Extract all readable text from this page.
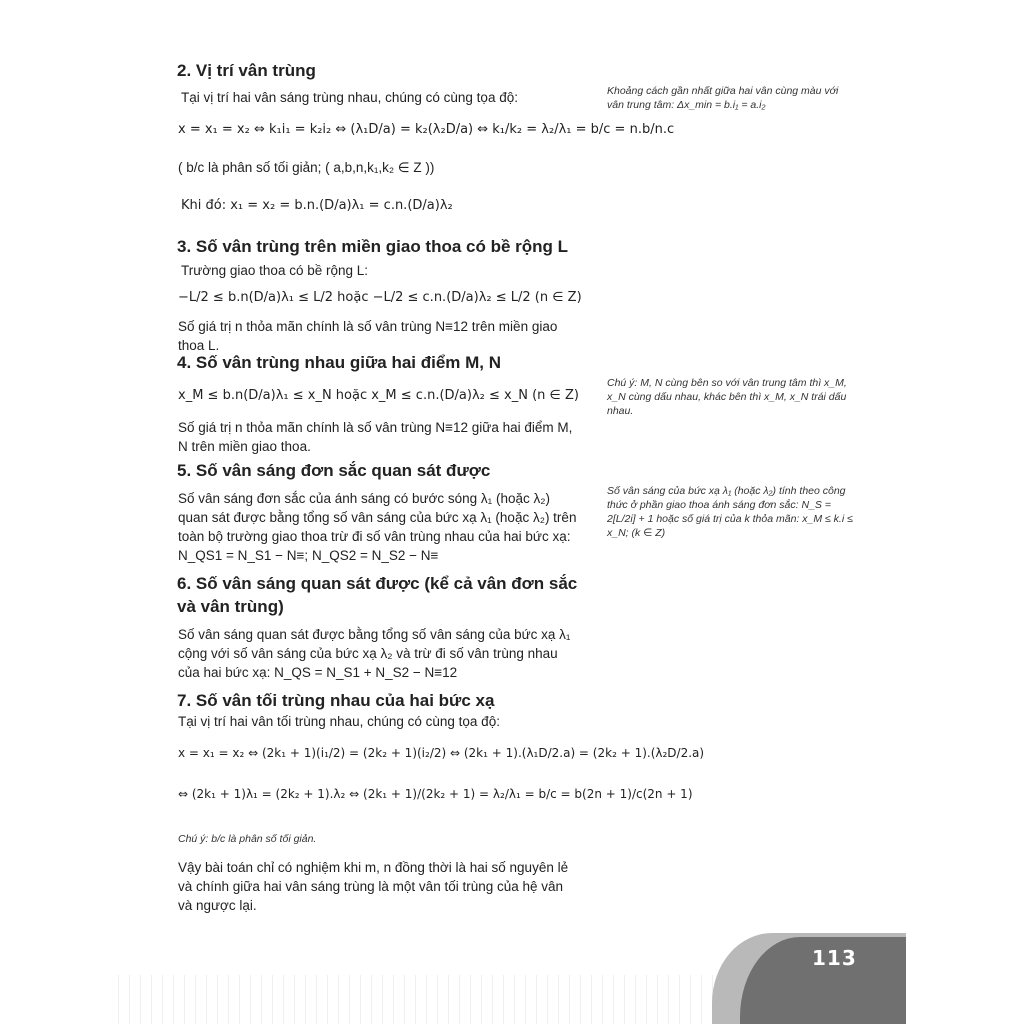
2. Vị trí vân trùng
Tại vị trí hai vân sáng trùng nhau, chúng có cùng tọa độ:
x = x₁ = x₂ ⇔ k₁i₁ = k₂i₂ ⇔ (λ₁D/a) = k₂(λ₂D/a) ⇔ k₁/k₂ = λ₂/λ₁ = b/c = n.b/n.c
( b/c là phân số tối giản; ( a,b,n,k₁,k₂ ∈ Z ))
Khi đó: x₁ = x₂ = b.n.(D/a)λ₁ = c.n.(D/a)λ₂
3. Số vân trùng trên miền giao thoa có bề rộng L
Trường giao thoa có bề rộng L:
−L/2 ≤ b.n(D/a)λ₁ ≤ L/2 hoặc −L/2 ≤ c.n.(D/a)λ₂ ≤ L/2 (n ∈ Z)
Số giá trị n thỏa mãn chính là số vân trùng N≡12 trên miền giao thoa L.
4. Số vân trùng nhau giữa hai điểm M, N
x_M ≤ b.n(D/a)λ₁ ≤ x_N hoặc x_M ≤ c.n.(D/a)λ₂ ≤ x_N (n ∈ Z)
Số giá trị n thỏa mãn chính là số vân trùng N≡12 giữa hai điểm M, N trên miền giao thoa.
5. Số vân sáng đơn sắc quan sát được
Số vân sáng đơn sắc của ánh sáng có bước sóng λ₁ (hoặc λ₂) quan sát được bằng tổng số vân sáng của bức xạ λ₁ (hoặc λ₂) trên toàn bộ trường giao thoa trừ đi số vân trùng nhau của hai bức xạ: N_QS1 = N_S1 − N≡; N_QS2 = N_S2 − N≡
6. Số vân sáng quan sát được (kể cả vân đơn sắc
và vân trùng)
Số vân sáng quan sát được bằng tổng số vân sáng của bức xạ λ₁ cộng với số vân sáng của bức xạ λ₂ và trừ đi số vân trùng nhau của hai bức xạ: N_QS = N_S1 + N_S2 − N≡12
7. Số vân tối trùng nhau của hai bức xạ
Tại vị trí hai vân tối trùng nhau, chúng có cùng tọa độ:
x = x₁ = x₂ ⇔ (2k₁ + 1)(i₁/2) = (2k₂ + 1)(i₂/2) ⇔ (2k₁ + 1).(λ₁D/2.a) = (2k₂ + 1).(λ₂D/2.a)
⇔ (2k₁ + 1)λ₁ = (2k₂ + 1).λ₂ ⇔ (2k₁ + 1)/(2k₂ + 1) = λ₂/λ₁ = b/c = b(2n + 1)/c(2n + 1)
Chú ý: b/c là phân số tối giản.
Vậy bài toán chỉ có nghiệm khi m, n đồng thời là hai số nguyên lẻ và chính giữa hai vân sáng trùng là một vân tối trùng của hệ vân và ngược lại.
Khoảng cách gần nhất giữa hai vân cùng màu với vân trung tâm: Δx_min = b.i₁ = a.i₂
Chú ý: M, N cùng bên so với vân trung tâm thì x_M, x_N cùng dấu nhau, khác bên thì x_M, x_N trái dấu nhau.
Số vân sáng của bức xạ λ₁ (hoặc λ₂) tính theo công thức ở phần giao thoa ánh sáng đơn sắc: N_S = 2[L/2i] + 1 hoặc số giá trị của k thỏa mãn: x_M ≤ k.i ≤ x_N; (k ∈ Z)
113
